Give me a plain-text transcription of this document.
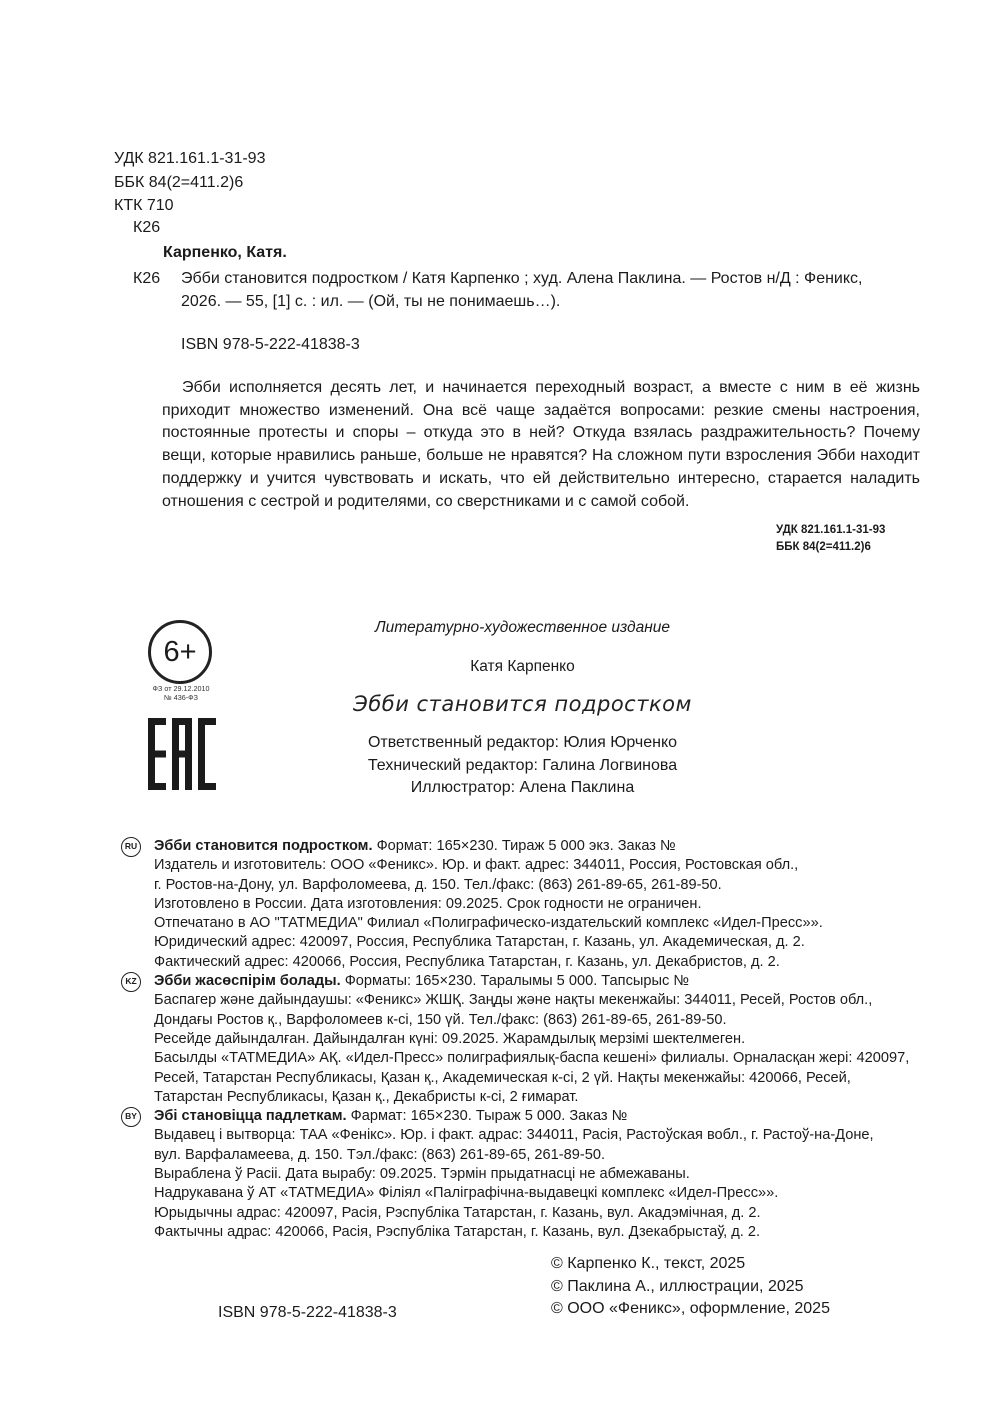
УДК 821.161.1-31-93
ББК 84(2=411.2)6
КТК 710
К26
Карпенко, Катя.
К26 Эбби становится подростком / Катя Карпенко ; худ. Алена Паклина. — Ростов н/Д : Феникс,
2026. — 55, [1] с. : ил. — (Ой, ты не понимаешь…).
ISBN 978-5-222-41838-3
Эбби исполняется десять лет, и начинается переходный возраст, а вместе с ним в её жизнь приходит множество изменений. Она всё чаще задаётся вопросами: резкие смены настроения, постоянные протесты и споры – откуда это в ней? Откуда взялась раздражительность? Почему вещи, которые нравились раньше, больше не нравятся? На сложном пути взросления Эбби находит поддержку и учится чувствовать и искать, что ей действительно интересно, старается наладить отношения с сестрой и родителями, со сверстниками и с самой собой.
УДК 821.161.1-31-93
ББК 84(2=411.2)6
6+
ФЗ от 29.12.2010
№ 436-ФЗ
Литературно-художественное издание
Катя Карпенко
Эбби становится подростком
Ответственный редактор: Юлия Юрченко
Технический редактор: Галина Логвинова
Иллюстратор: Алена Паклина
RU Эбби становится подростком. Формат: 165×230. Тираж 5 000 экз. Заказ №
Издатель и изготовитель: ООО «Феникс». Юр. и факт. адрес: 344011, Россия, Ростовская обл.,
г. Ростов-на-Дону, ул. Варфоломеева, д. 150. Тел./факс: (863) 261-89-65, 261-89-50.
Изготовлено в России. Дата изготовления: 09.2025. Срок годности не ограничен.
Отпечатано в АО "ТАТМЕДИА" Филиал «Полиграфическо-издательский комплекс «Идел-Пресс»».
Юридический адрес: 420097, Россия, Республика Татарстан, г. Казань, ул. Академическая, д. 2.
Фактический адрес: 420066, Россия, Республика Татарстан, г. Казань, ул. Декабристов, д. 2.
KZ Эбби жасөспірім болады. Форматы: 165×230. Таралымы 5 000. Тапсырыс №
Баспагер және дайындаушы: «Феникс» ЖШҚ. Заңды және нақты мекенжайы: 344011, Ресей, Ростов обл.,
Дондағы Ростов қ., Варфоломеев к-сі, 150 үй. Тел./факс: (863) 261-89-65, 261-89-50.
Ресейде дайындалған. Дайындалған күні: 09.2025. Жарамдылық мерзімі шектелмеген.
Басылды «ТАТМЕДИА» АҚ. «Идел-Пресс» полиграфиялық-баспа кешені» филиалы. Орналасқан жері: 420097,
Ресей, Татарстан Республикасы, Қазан қ., Академическая к-сі, 2 үй. Нақты мекенжайы: 420066, Ресей,
Татарстан Республикасы, Қазан қ., Декабристы к-сі, 2 ғимарат.
BY Эбі становіцца падлеткам. Фармат: 165×230. Тыраж 5 000. Заказ №
Выдавец і вытворца: ТАА «Фенікс». Юр. і факт. адрас: 344011, Расія, Растоўская вобл., г. Растоў-на-Доне,
вул. Варфаламеева, д. 150. Тэл./факс: (863) 261-89-65, 261-89-50.
Выраблена ў Расіі. Дата вырабу: 09.2025. Тэрмін прыдатнасці не абмежаваны.
Надрукавана ў АТ «ТАТМЕДИА» Філіял «Паліграфічна-выдавецкі комплекс «Идел-Пресс»».
Юрыдычны адрас: 420097, Расія, Рэспубліка Татарстан, г. Казань, вул. Акадэмічная, д. 2.
Фактычны адрас: 420066, Расія, Рэспубліка Татарстан, г. Казань, вул. Дзекабрыстаў, д. 2.
© Карпенко К., текст, 2025
© Паклина А., иллюстрации, 2025
© ООО «Феникс», оформление, 2025
ISBN 978-5-222-41838-3
